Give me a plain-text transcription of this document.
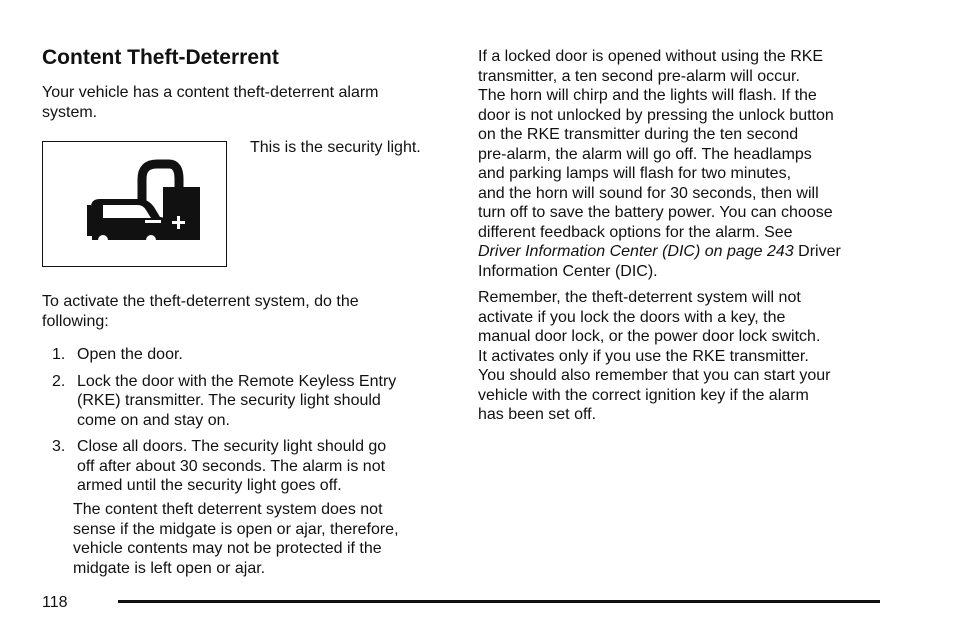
Content Theft-Deterrent
Your vehicle has a content theft-deterrent alarm
system.
This is the security light.
To activate the theft-deterrent system, do the
following:
1. Open the door.
2. Lock the door with the Remote Keyless Entry
(RKE) transmitter. The security light should
come on and stay on.
3. Close all doors. The security light should go
off after about 30 seconds. The alarm is not
armed until the security light goes off.
The content theft deterrent system does not
sense if the midgate is open or ajar, therefore,
vehicle contents may not be protected if the
midgate is left open or ajar.
If a locked door is opened without using the RKE
transmitter, a ten second pre-alarm will occur.
The horn will chirp and the lights will flash. If the
door is not unlocked by pressing the unlock button
on the RKE transmitter during the ten second
pre-alarm, the alarm will go off. The headlamps
and parking lamps will flash for two minutes,
and the horn will sound for 30 seconds, then will
turn off to save the battery power. You can choose
different feedback options for the alarm. See
Driver Information Center (DIC) on page 243 Driver
Information Center (DIC).
Remember, the theft-deterrent system will not
activate if you lock the doors with a key, the
manual door lock, or the power door lock switch.
It activates only if you use the RKE transmitter.
You should also remember that you can start your
vehicle with the correct ignition key if the alarm
has been set off.
118
